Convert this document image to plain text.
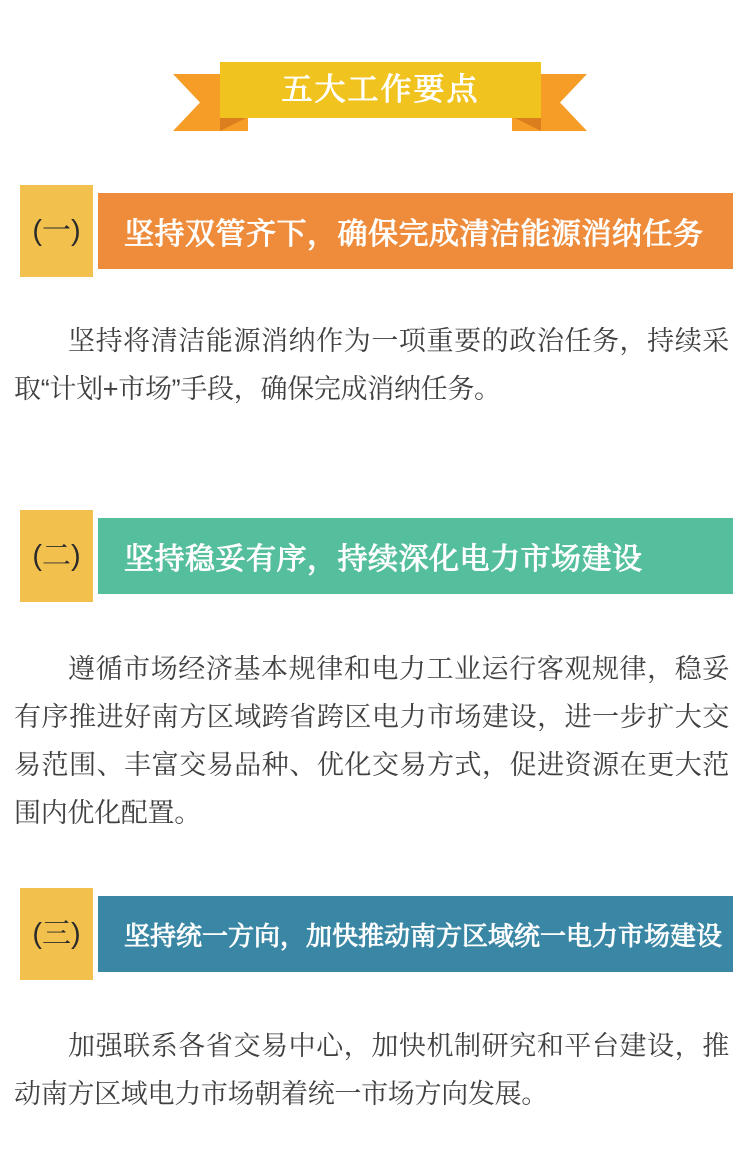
五大工作要点
(一)	坚持双管齐下，确保完成清洁能源消纳任务

坚持将清洁能源消纳作为一项重要的政治任务，持续采取“计划+市场”手段，确保完成消纳任务。

(二)	坚持稳妥有序，持续深化电力市场建设

遵循市场经济基本规律和电力工业运行客观规律，稳妥有序推进好南方区域跨省跨区电力市场建设，进一步扩大交易范围、丰富交易品种、优化交易方式，促进资源在更大范围内优化配置。

(三)	坚持统一方向，加快推动南方区域统一电力市场建设

加强联系各省交易中心，加快机制研究和平台建设，推动南方区域电力市场朝着统一市场方向发展。
